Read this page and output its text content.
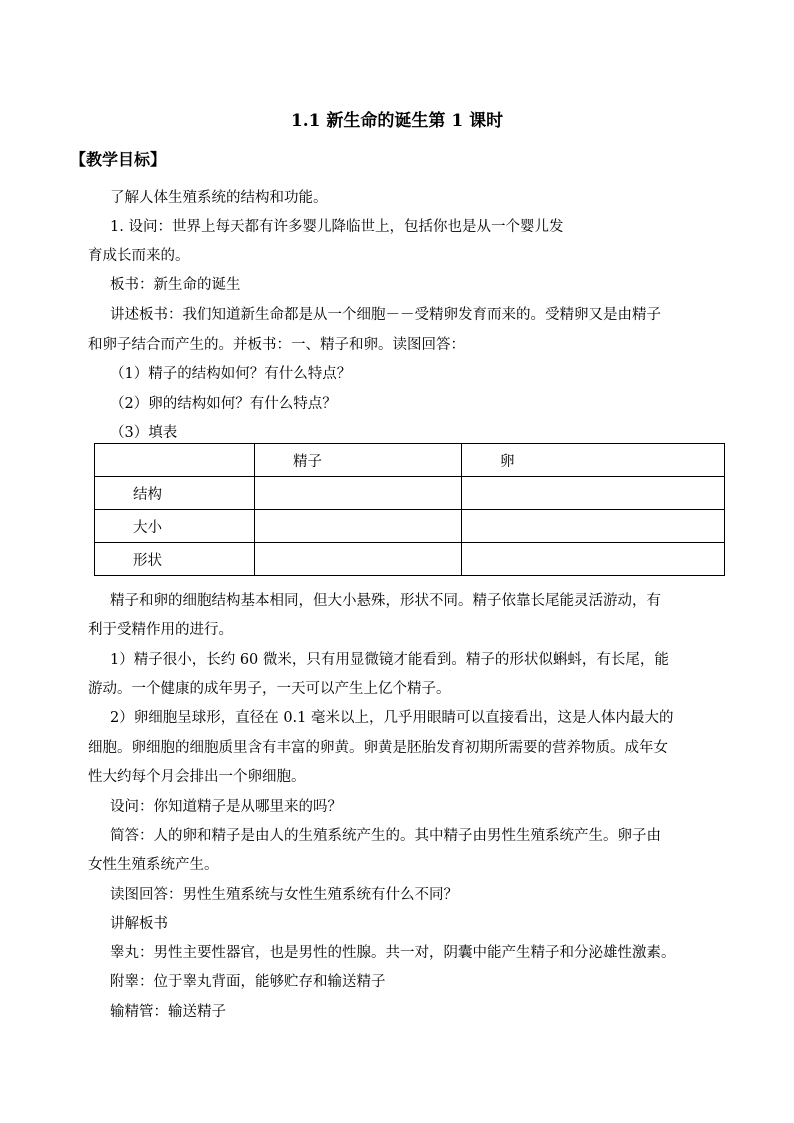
1.1 新生命的诞生第 1 课时
【教学目标】
了解人体生殖系统的结构和功能。
1. 设问：世界上每天都有许多婴儿降临世上，包括你也是从一个婴儿发
育成长而来的。
板书：新生命的诞生
讲述板书：我们知道新生命都是从一个细胞－－受精卵发育而来的。受精卵又是由精子
和卵子结合而产生的。并板书：一、精子和卵。读图回答：
（1）精子的结构如何？有什么特点？
（2）卵的结构如何？有什么特点？
（3）填表
	精子	卵
结构		
大小		
形状		
精子和卵的细胞结构基本相同，但大小悬殊，形状不同。精子依靠长尾能灵活游动，有
利于受精作用的进行。
1）精子很小，长约 60 微米，只有用显微镜才能看到。精子的形状似蝌蚪，有长尾，能
游动。一个健康的成年男子，一天可以产生上亿个精子。
2）卵细胞呈球形，直径在 0.1 毫米以上，几乎用眼睛可以直接看出，这是人体内最大的
细胞。卵细胞的细胞质里含有丰富的卵黄。卵黄是胚胎发育初期所需要的营养物质。成年女
性大约每个月会排出一个卵细胞。
设问：你知道精子是从哪里来的吗？
简答：人的卵和精子是由人的生殖系统产生的。其中精子由男性生殖系统产生。卵子由
女性生殖系统产生。
读图回答：男性生殖系统与女性生殖系统有什么不同？
讲解板书
睾丸：男性主要性器官，也是男性的性腺。共一对，阴囊中能产生精子和分泌雄性激素。
附睾：位于睾丸背面，能够贮存和输送精子
输精管：输送精子
